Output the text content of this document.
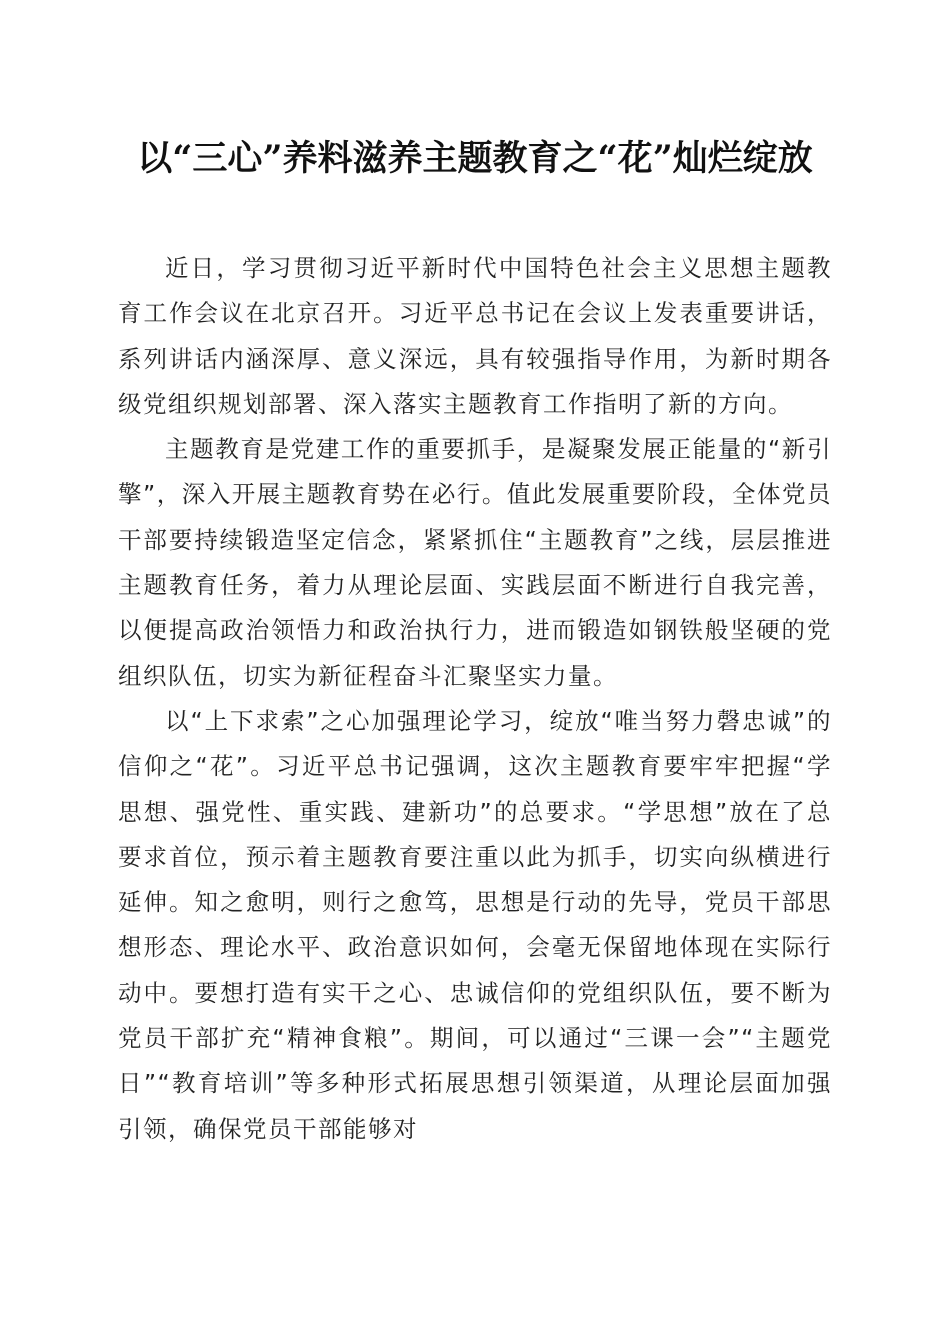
以“三心”养料滋养主题教育之“花”灿烂绽放

近日，学习贯彻习近平新时代中国特色社会主义思想主题教育工作会议在北京召开。习近平总书记在会议上发表重要讲话，系列讲话内涵深厚、意义深远，具有较强指导作用，为新时期各级党组织规划部署、深入落实主题教育工作指明了新的方向。

主题教育是党建工作的重要抓手，是凝聚发展正能量的“新引擎”，深入开展主题教育势在必行。值此发展重要阶段，全体党员干部要持续锻造坚定信念，紧紧抓住“主题教育”之线，层层推进主题教育任务，着力从理论层面、实践层面不断进行自我完善，以便提高政治领悟力和政治执行力，进而锻造如钢铁般坚硬的党组织队伍，切实为新征程奋斗汇聚坚实力量。

以“上下求索”之心加强理论学习，绽放“唯当努力磬忠诚”的信仰之“花”。习近平总书记强调，这次主题教育要牢牢把握“学思想、强党性、重实践、建新功”的总要求。“学思想”放在了总要求首位，预示着主题教育要注重以此为抓手，切实向纵横进行延伸。知之愈明，则行之愈笃，思想是行动的先导，党员干部思想形态、理论水平、政治意识如何，会毫无保留地体现在实际行动中。要想打造有实干之心、忠诚信仰的党组织队伍，要不断为党员干部扩充“精神食粮”。期间，可以通过“三课一会”“主题党日”“教育培训”等多种形式拓展思想引领渠道，从理论层面加强引领，确保党员干部能够对
